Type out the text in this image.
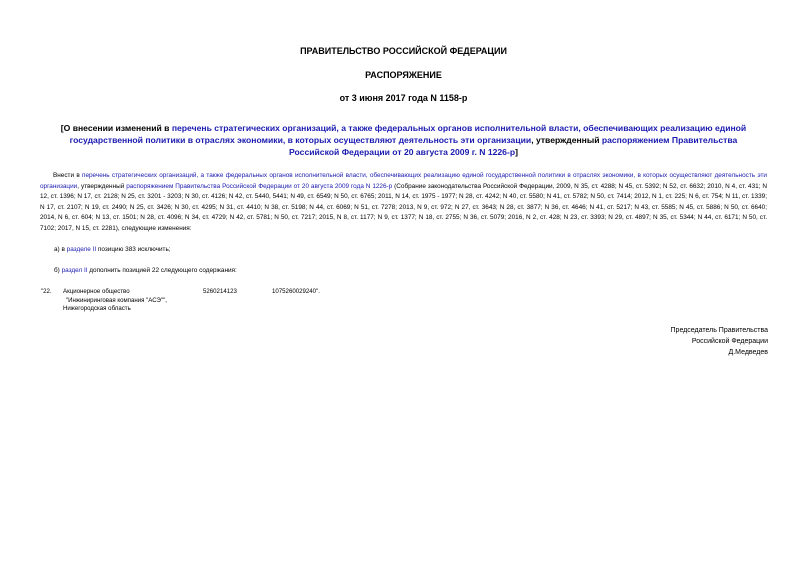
ПРАВИТЕЛЬСТВО РОССИЙСКОЙ ФЕДЕРАЦИИ
РАСПОРЯЖЕНИЕ
от 3 июня 2017 года N 1158-р
[О внесении изменений в перечень стратегических организаций, а также федеральных органов исполнительной власти, обеспечивающих реализацию единой государственной политики в отраслях экономики, в которых осуществляют деятельность эти организации, утвержденный распоряжением Правительства Российской Федерации от 20 августа 2009 г. N 1226-р]
Внести в перечень стратегических организаций, а также федеральных органов исполнительной власти, обеспечивающих реализацию единой государственной политики в отраслях экономики, в которых осуществляют деятельность эти организации, утвержденный распоряжением Правительства Российской Федерации от 20 августа 2009 года N 1226-р (Собрание законодательства Российской Федерации, 2009, N 35, ст. 4288; N 45, ст. 5392; N 52, ст. 6632; 2010, N 4, ст. 431; N 12, ст. 1396; N 17, ст. 2128; N 25, ст. 3201 - 3203; N 30, ст. 4126; N 42, ст. 5440, 5441; N 49, ст. 6549; N 50, ст. 6765; 2011, N 14, ст. 1975 - 1977; N 28, ст. 4242; N 40, ст. 5580; N 41, ст. 5782; N 50, ст. 7414; 2012, N 1, ст. 225; N 6, ст. 754; N 11, ст. 1339; N 17, ст. 2107; N 19, ст. 2490; N 25, ст. 3426; N 30, ст. 4295; N 31, ст. 4410; N 38, ст. 5198; N 44, ст. 6069; N 51, ст. 7278; 2013, N 9, ст. 972; N 27, ст. 3643; N 28, ст. 3877; N 36, ст. 4646; N 41, ст. 5217; N 43, ст. 5585; N 45, ст. 5886; N 50, ст. 6640; 2014, N 6, ст. 604; N 13, ст. 1501; N 28, ст. 4096; N 34, ст. 4729; N 42, ст. 5781; N 50, ст. 7217; 2015, N 8, ст. 1177; N 9, ст. 1377; N 18, ст. 2755; N 36, ст. 5079; 2016, N 2, ст. 428; N 23, ст. 3393; N 29, ст. 4897; N 35, ст. 5344; N 44, ст. 6171; N 50, ст. 7102; 2017, N 15, ст. 2281), следующие изменения:
а) в разделе II позицию 383 исключить;
б) раздел II дополнить позицией 22 следующего содержания:
"22. Акционерное общество
"Инжиниринговая компания "АСЭ"",
Нижегородская область
5260214123	1075260029240".
Председатель Правительства
Российской Федерации
Д.Медведев
